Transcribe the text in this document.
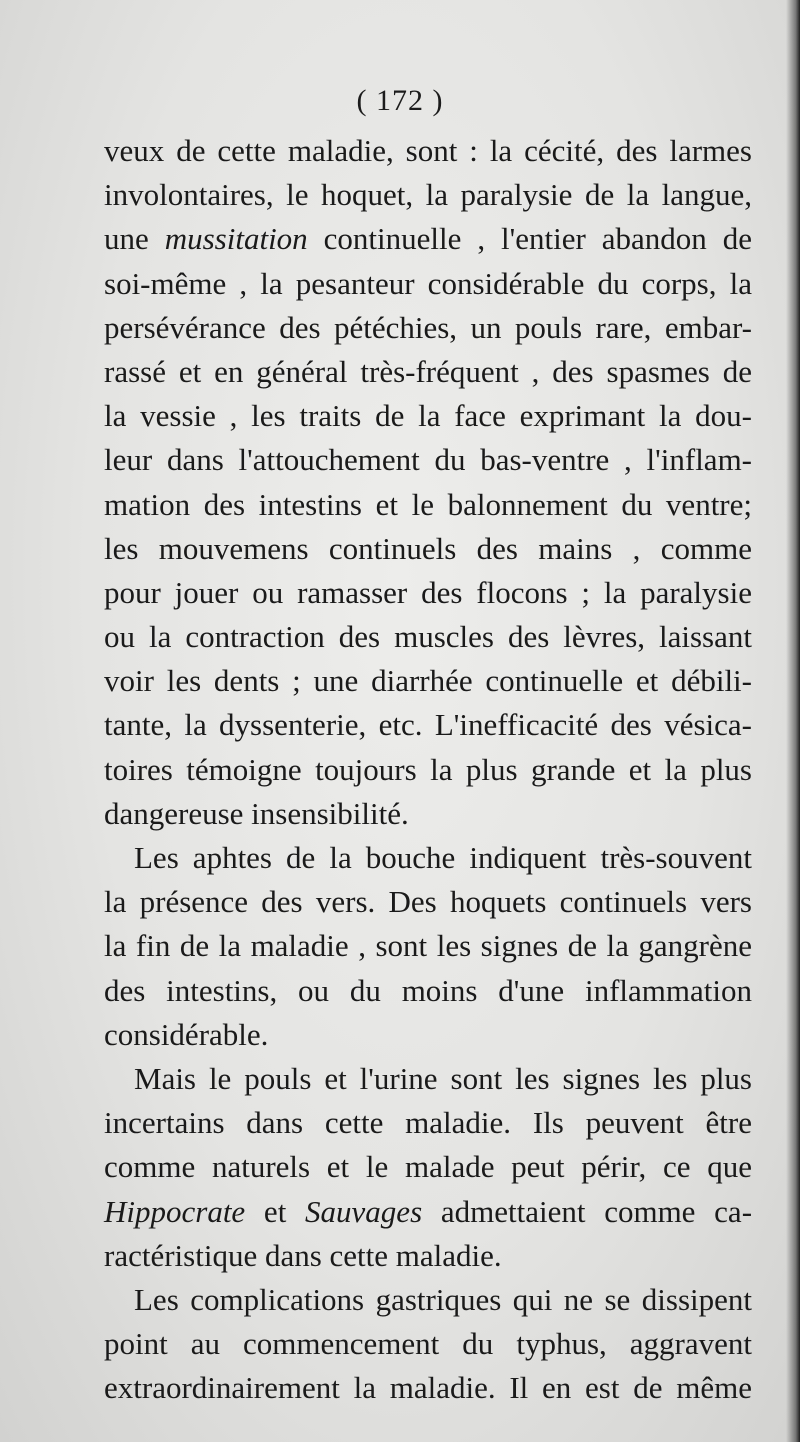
( 172 )
veux de cette maladie, sont : la cécité, des larmes
involontaires, le hoquet, la paralysie de la langue,
une mussitation continuelle , l'entier abandon de
soi-même , la pesanteur considérable du corps, la
persévérance des pétéchies, un pouls rare, embar-
rassé et en général très-fréquent , des spasmes de
la vessie , les traits de la face exprimant la dou-
leur dans l'attouchement du bas-ventre , l'inflam-
mation des intestins et le balonnement du ventre;
les mouvemens continuels des mains , comme
pour jouer ou ramasser des flocons ; la paralysie
ou la contraction des muscles des lèvres, laissant
voir les dents ; une diarrhée continuelle et débili-
tante, la dyssenterie, etc. L'inefficacité des vésica-
toires témoigne toujours la plus grande et la plus
dangereuse insensibilité.
Les aphtes de la bouche indiquent très-souvent
la présence des vers. Des hoquets continuels vers
la fin de la maladie , sont les signes de la gangrène
des intestins, ou du moins d'une inflammation
considérable.
Mais le pouls et l'urine sont les signes les plus
incertains dans cette maladie. Ils peuvent être
comme naturels et le malade peut périr, ce que
Hippocrate et Sauvages admettaient comme ca-
ractéristique dans cette maladie.
Les complications gastriques qui ne se dissipent
point au commencement du typhus, aggravent
extraordinairement la maladie. Il en est de même
